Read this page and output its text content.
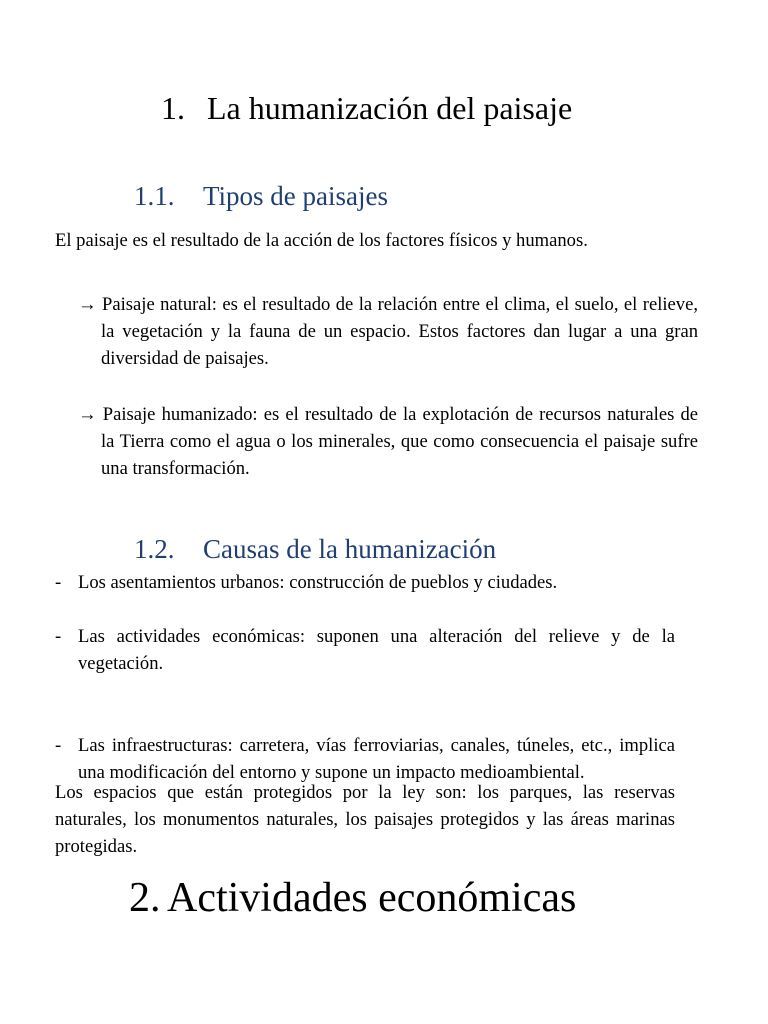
1. La humanización del paisaje
1.1. Tipos de paisajes
El paisaje es el resultado de la acción de los factores físicos y humanos.
→ Paisaje natural: es el resultado de la relación entre el clima, el suelo, el relieve, la vegetación y la fauna de un espacio. Estos factores dan lugar a una gran diversidad de paisajes.
→ Paisaje humanizado: es el resultado de la explotación de recursos naturales de la Tierra como el agua o los minerales, que como consecuencia el paisaje sufre una transformación.
1.2. Causas de la humanización
- Los asentamientos urbanos: construcción de pueblos y ciudades.
- Las actividades económicas: suponen una alteración del relieve y de la vegetación.
- Las infraestructuras: carretera, vías ferroviarias, canales, túneles, etc., implica una modificación del entorno y supone un impacto medioambiental.
Los espacios que están protegidos por la ley son: los parques, las reservas naturales, los monumentos naturales, los paisajes protegidos y las áreas marinas protegidas.
2. Actividades económicas
